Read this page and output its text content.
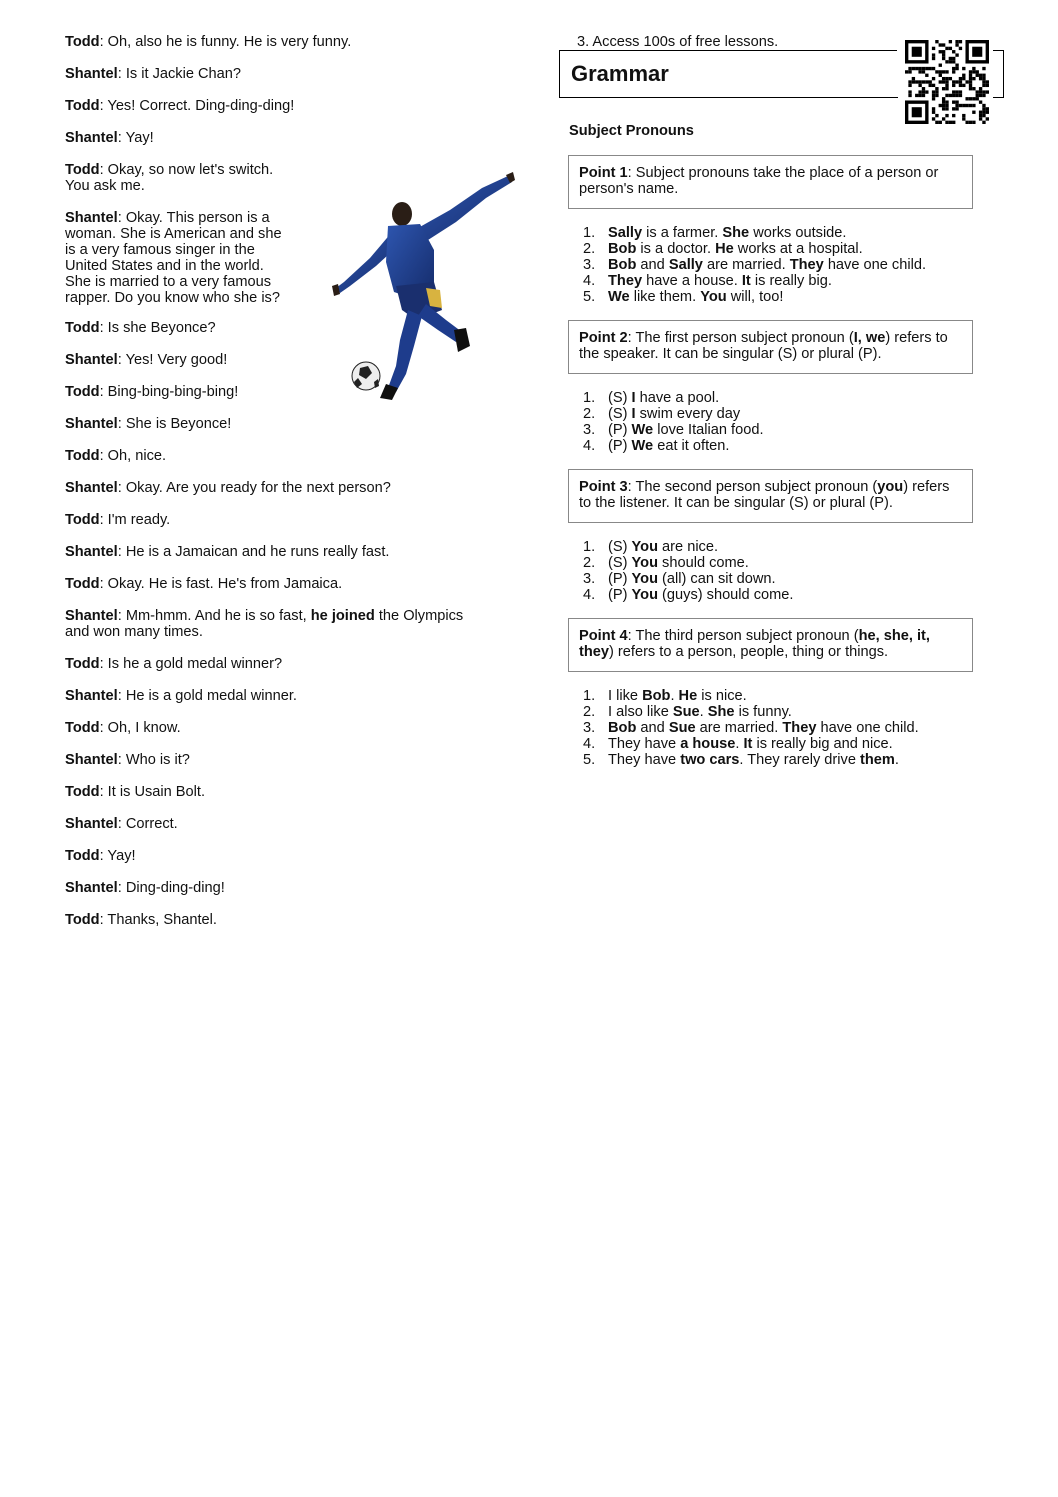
Todd: Oh, also he is funny. He is very funny.
Shantel: Is it Jackie Chan?
Todd: Yes! Correct. Ding-ding-ding!
Shantel: Yay!
Todd: Okay, so now let's switch.
You ask me.
Shantel: Okay. This person is a
woman. She is American and she
is a very famous singer in the
United States and in the world.
She is married to a very famous
rapper. Do you know who she is?
Todd: Is she Beyonce?
Shantel: Yes! Very good!
Todd: Bing-bing-bing-bing!
Shantel: She is Beyonce!
Todd: Oh, nice.
Shantel: Okay. Are you ready for the next person?
Todd: I'm ready.
Shantel: He is a Jamaican and he runs really fast.
Todd: Okay. He is fast. He's from Jamaica.
Shantel: Mm-hmm. And he is so fast, he joined the Olympics
and won many times.
Todd: Is he a gold medal winner?
Shantel: He is a gold medal winner.
Todd: Oh, I know.
Shantel: Who is it?
Todd: It is Usain Bolt.
Shantel: Correct.
Todd: Yay!
Shantel: Ding-ding-ding!
Todd: Thanks, Shantel.
3. Access 100s of free lessons.
Grammar
Subject Pronouns
Point 1: Subject pronouns take the place of a person or
person's name.
1. Sally is a farmer. She works outside.
2. Bob is a doctor. He works at a hospital.
3. Bob and Sally are married. They have one child.
4. They have a house. It is really big.
5. We like them. You will, too!
Point 2: The first person subject pronoun (I, we) refers to
the speaker. It can be singular (S) or plural (P).
1. (S) I have a pool.
2. (S) I swim every day
3. (P) We love Italian food.
4. (P) We eat it often.
Point 3: The second person subject pronoun (you) refers
to the listener. It can be singular (S) or plural (P).
1. (S) You are nice.
2. (S) You should come.
3. (P) You (all) can sit down.
4. (P) You (guys) should come.
Point 4: The third person subject pronoun (he, she, it,
they) refers to a person, people, thing or things.
1. I like Bob. He is nice.
2. I also like Sue. She is funny.
3. Bob and Sue are married. They have one child.
4. They have a house. It is really big and nice.
5. They have two cars. They rarely drive them.
